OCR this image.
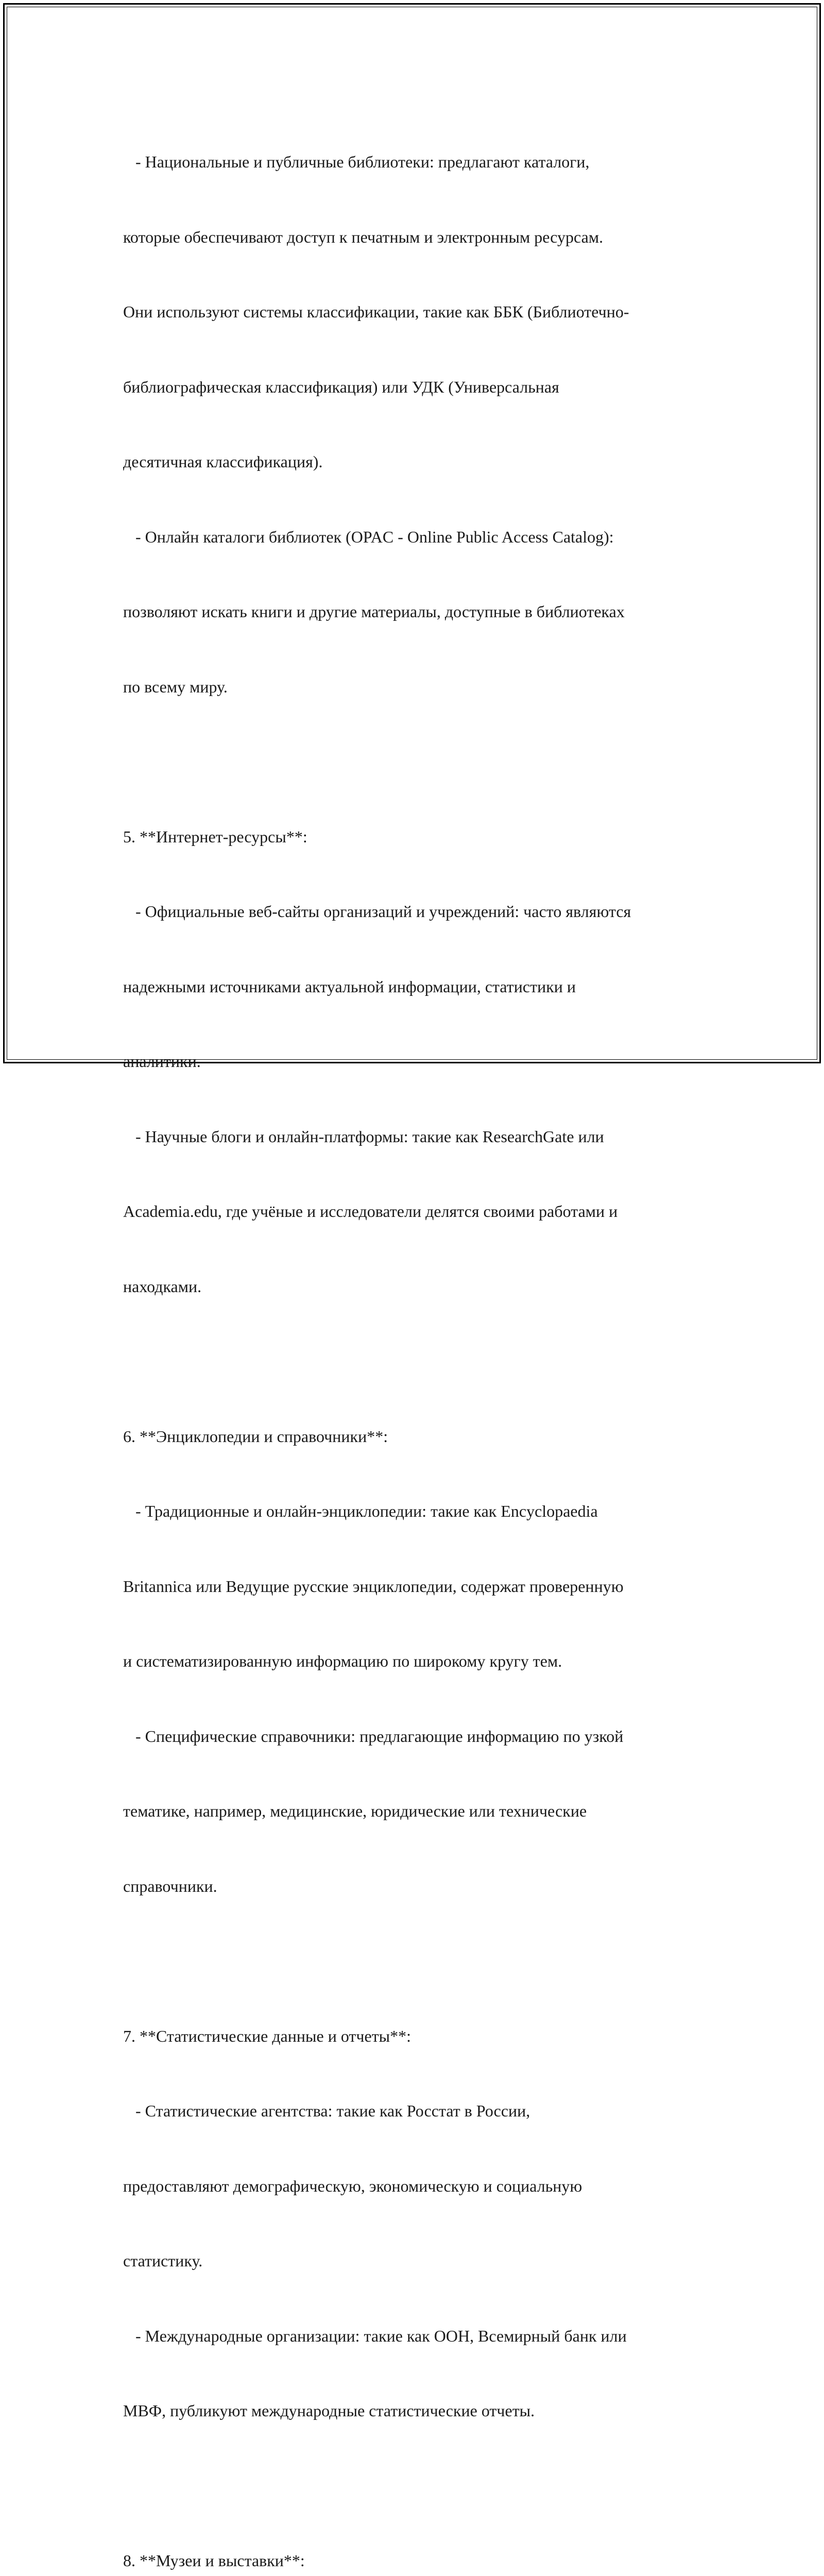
- Национальные и публичные библиотеки: предлагают каталоги,

которые обеспечивают доступ к печатным и электронным ресурсам.

Они используют системы классификации, такие как ББК (Библиотечно-

библиографическая классификация) или УДК (Универсальная

десятичная классификация).

- Онлайн каталоги библиотек (OPAC - Online Public Access Catalog):

позволяют искать книги и другие материалы, доступные в библиотеках

по всему миру.

5. **Интернет-ресурсы**:

- Официальные веб-сайты организаций и учреждений: часто являются

надежными источниками актуальной информации, статистики и

аналитики.

- Научные блоги и онлайн-платформы: такие как ResearchGate или

Academia.edu, где учёные и исследователи делятся своими работами и

находками.

6. **Энциклопедии и справочники**:

- Традиционные и онлайн-энциклопедии: такие как Encyclopaedia

Britannica или Ведущие русские энциклопедии, содержат проверенную

и систематизированную информацию по широкому кругу тем.

- Специфические справочники: предлагающие информацию по узкой

тематике, например, медицинские, юридические или технические

справочники.

7. **Статистические данные и отчеты**:

- Статистические агентства: такие как Росстат в России,

предоставляют демографическую, экономическую и социальную

статистику.

- Международные организации: такие как ООН, Всемирный банк или

МВФ, публикуют международные статистические отчеты.

8. **Музеи и выставки**:
